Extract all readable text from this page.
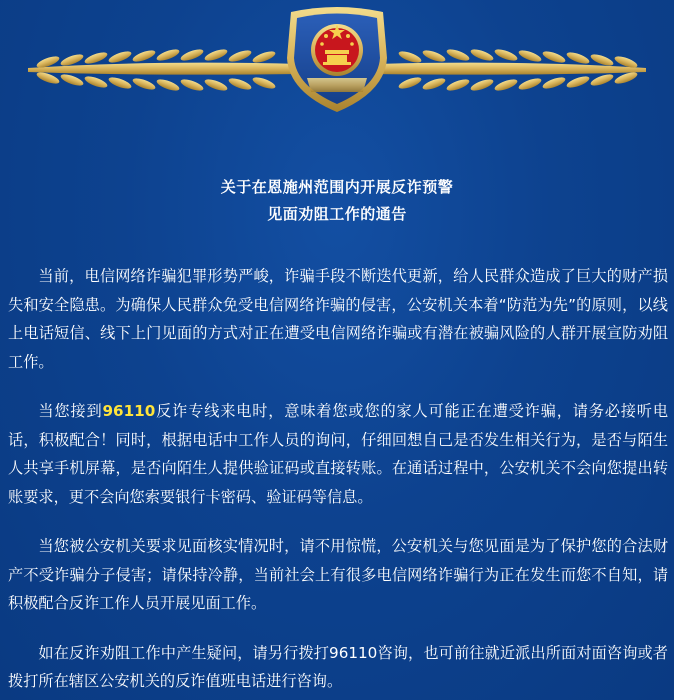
关于在恩施州范围内开展反诈预警
见面劝阻工作的通告

当前，电信网络诈骗犯罪形势严峻，诈骗手段不断迭代更新，给人民群众造成了巨大的财产损失和安全隐患。为确保人民群众免受电信网络诈骗的侵害，公安机关本着“防范为先”的原则，以线上电话短信、线下上门见面的方式对正在遭受电信网络诈骗或有潜在被骗风险的人群开展宣防劝阻工作。

当您接到96110反诈专线来电时，意味着您或您的家人可能正在遭受诈骗，请务必接听电话，积极配合！同时，根据电话中工作人员的询问，仔细回想自己是否发生相关行为，是否与陌生人共享手机屏幕，是否向陌生人提供验证码或直接转账。在通话过程中，公安机关不会向您提出转账要求，更不会向您索要银行卡密码、验证码等信息。

当您被公安机关要求见面核实情况时，请不用惊慌，公安机关与您见面是为了保护您的合法财产不受诈骗分子侵害；请保持冷静，当前社会上有很多电信网络诈骗行为正在发生而您不自知，请积极配合反诈工作人员开展见面工作。

如在反诈劝阻工作中产生疑问，请另行拨打96110咨询，也可前往就近派出所面对面咨询或者拨打所在辖区公安机关的反诈值班电话进行咨询。
